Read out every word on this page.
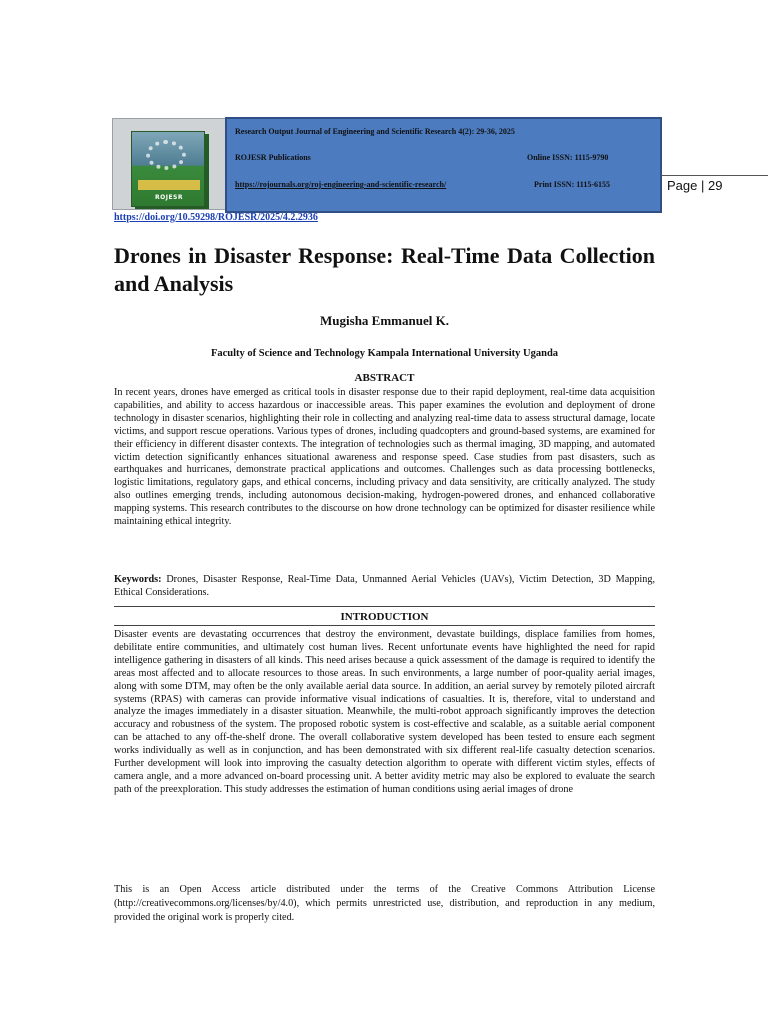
ROJESR
Research Output Journal of Engineering and Scientific Research 4(2): 29-36, 2025
ROJESR Publications	Online ISSN: 1115-9790
https://rojournals.org/roj-engineering-and-scientific-research/	Print ISSN: 1115-6155	Page | 29
https://doi.org/10.59298/ROJESR/2025/4.2.2936
Drones in Disaster Response: Real-Time Data Collection and Analysis
Mugisha Emmanuel K.
Faculty of Science and Technology Kampala International University Uganda
ABSTRACT

In recent years, drones have emerged as critical tools in disaster response due to their rapid deployment, real-time data acquisition capabilities, and ability to access hazardous or inaccessible areas. This paper examines the evolution and deployment of drone technology in disaster scenarios, highlighting their role in collecting and analyzing real-time data to assess structural damage, locate victims, and support rescue operations. Various types of drones, including quadcopters and ground-based systems, are examined for their efficiency in different disaster contexts. The integration of technologies such as thermal imaging, 3D mapping, and automated victim detection significantly enhances situational awareness and response speed. Case studies from past disasters, such as earthquakes and hurricanes, demonstrate practical applications and outcomes. Challenges such as data processing bottlenecks, logistic limitations, regulatory gaps, and ethical concerns, including privacy and data sensitivity, are critically analyzed. The study also outlines emerging trends, including autonomous decision-making, hydrogen-powered drones, and enhanced collaborative mapping systems. This research contributes to the discourse on how drone technology can be optimized for disaster resilience while maintaining ethical integrity.

Keywords: Drones, Disaster Response, Real-Time Data, Unmanned Aerial Vehicles (UAVs), Victim Detection, 3D Mapping, Ethical Considerations.

INTRODUCTION

Disaster events are devastating occurrences that destroy the environment, devastate buildings, displace families from homes, debilitate entire communities, and ultimately cost human lives. Recent unfortunate events have highlighted the need for rapid intelligence gathering in disasters of all kinds. This need arises because a quick assessment of the damage is required to identify the areas most affected and to allocate resources to those areas. In such environments, a large number of poor-quality aerial images, along with some DTM, may often be the only available aerial data source. In addition, an aerial survey by remotely piloted aircraft systems (RPAS) with cameras can provide informative visual indications of casualties. It is, therefore, vital to understand and analyze the images immediately in a disaster situation. Meanwhile, the multi-robot approach significantly improves the detection accuracy and robustness of the system. The proposed robotic system is cost-effective and scalable, as a suitable aerial component can be attached to any off-the-shelf drone. The overall collaborative system developed has been tested to ensure each segment works individually as well as in conjunction, and has been demonstrated with six different real-life casualty detection scenarios. Further development will look into improving the casualty detection algorithm to operate with different victim styles, effects of camera angle, and a more advanced on-board processing unit. A better avidity metric may also be explored to evaluate the search path of the preexploration. This study addresses the estimation of human conditions using aerial images of drone

This is an Open Access article distributed under the terms of the Creative Commons Attribution License (http://creativecommons.org/licenses/by/4.0), which permits unrestricted use, distribution, and reproduction in any medium, provided the original work is properly cited.
